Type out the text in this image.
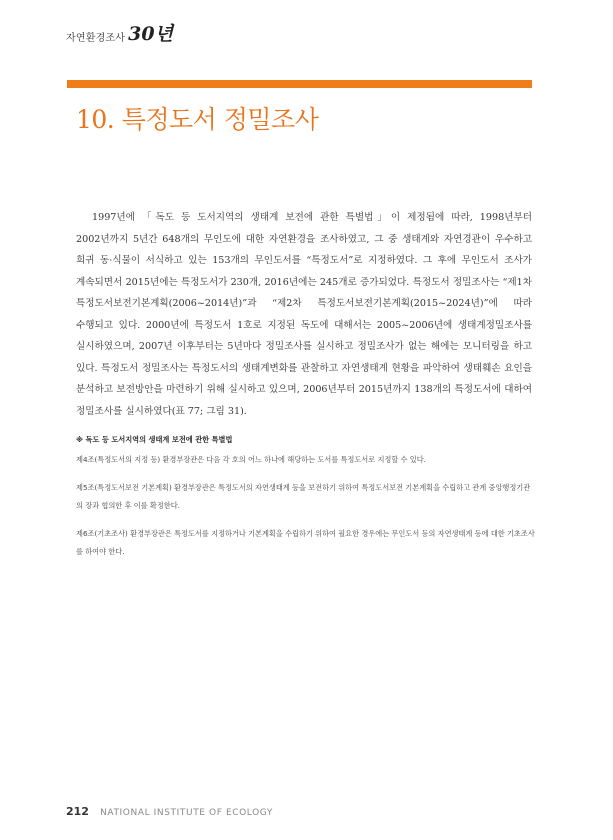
자연환경조사 30년
10. 특정도서 정밀조사
1997년에 「독도 등 도서지역의 생태계 보전에 관한 특별법」이 제정됨에 따라, 1998년부터 2002년까지 5년간 648개의 무인도에 대한 자연환경을 조사하였고, 그 중 생태계와 자연경관이 우수하고 희귀 동·식물이 서식하고 있는 153개의 무인도서를 “특정도서”로 지정하였다. 그 후에 무인도서 조사가 계속되면서 2015년에는 특정도서가 230개, 2016년에는 245개로 증가되었다. 특정도서 정밀조사는 “제1차 특정도서보전기본계획(2006~2014년)”과 “제2차 특정도서보전기본계획(2015~2024년)”에 따라 수행되고 있다. 2000년에 특정도서 1호로 지정된 독도에 대해서는 2005~2006년에 생태계정밀조사를 실시하였으며, 2007년 이후부터는 5년마다 정밀조사를 실시하고 정밀조사가 없는 해에는 모니터링을 하고 있다. 특정도서 정밀조사는 특정도서의 생태계변화를 관찰하고 자연생태계 현황을 파악하여 생태훼손 요인을 분석하고 보전방안을 마련하기 위해 실시하고 있으며, 2006년부터 2015년까지 138개의 특정도서에 대하여 정밀조사를 실시하였다(표 77; 그림 31).
※ 독도 등 도서지역의 생태계 보전에 관한 특별법

제4조(특정도서의 지정 등) 환경부장관은 다음 각 호의 어느 하나에 해당하는 도서를 특정도서로 지정할 수 있다.

제5조(특정도서보전 기본계획) 환경부장관은 특정도서의 자연생태계 등을 보전하기 위하여 특정도서보전 기본계획을 수립하고 관계 중앙행정기관의 장과 협의한 후 이를 확정한다.

제6조(기초조사) 환경부장관은 특정도서를 지정하거나 기본계획을 수립하기 위하여 필요한 경우에는 무인도서 등의 자연생태계 등에 대한 기초조사를 하여야 한다.

212 NATIONAL INSTITUTE OF ECOLOGY
